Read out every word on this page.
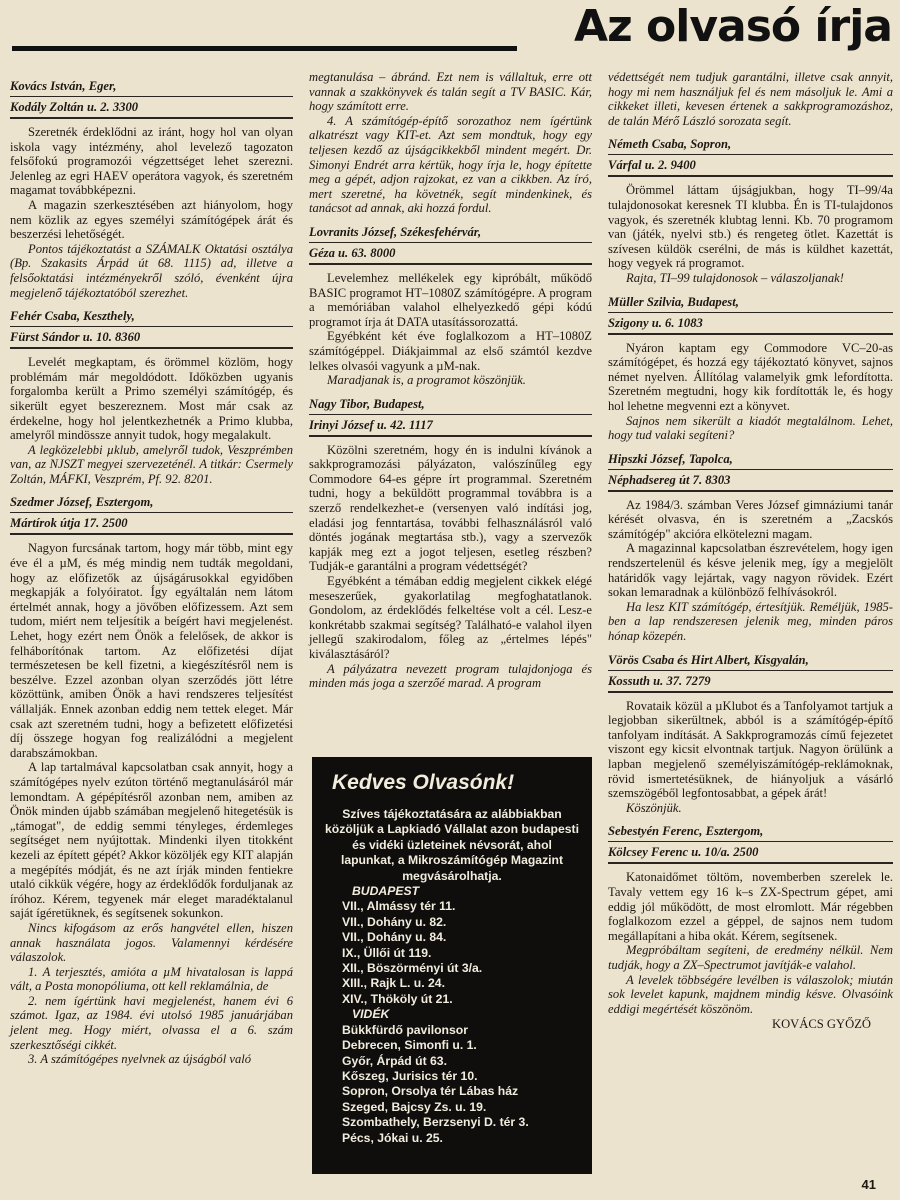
Az olvasó írja
Kovács István, Eger,
Kodály Zoltán u. 2. 3300

Szeretnék érdeklődni az iránt, hogy hol van olyan iskola vagy intézmény, ahol levelező tagozaton felsőfokú programozói végzettséget lehet szerezni. Jelenleg az egri HAEV operátora vagyok, és szeretném magamat továbbképezni.

A magazin szerkesztésében azt hiányolom, hogy nem közlik az egyes személyi számítógépek árát és beszerzési lehetőségét.

Pontos tájékoztatást a SZÁMALK Oktatási osztálya (Bp. Szakasits Árpád út 68. 1115) ad, illetve a felsőoktatási intézményekről szóló, évenként újra megjelenő tájékoztatóból szerezhet.

Fehér Csaba, Keszthely,
Fürst Sándor u. 10. 8360

Levelét megkaptam, és örömmel közlöm, hogy problémám már megoldódott. Időközben ugyanis forgalomba került a Primo személyi számítógép, és sikerült egyet beszereznem. Most már csak az érdekelne, hogy hol jelentkezhetnék a Primo klubba, amelyről mindössze annyit tudok, hogy megalakult.

A legközelebbi µklub, amelyről tudok, Veszprémben van, az NJSZT megyei szervezeténél. A titkár: Csermely Zoltán, MÁFKI, Veszprém, Pf. 92. 8201.

Szedmer József, Esztergom,
Mártírok útja 17. 2500

Nagyon furcsának tartom, hogy már több, mint egy éve él a µM, és még mindig nem tudták megoldani, hogy az előfizetők az újságárusokkal egyidőben megkapják a folyóiratot. Így egyáltalán nem látom értelmét annak, hogy a jövőben előfizessem. Azt sem tudom, miért nem teljesítik a beígért havi megjelenést. Lehet, hogy ezért nem Önök a felelősek, de akkor is felháborítónak tartom. Az előfizetési díjat természetesen be kell fizetni, a kiegészítésről nem is beszélve. Ezzel azonban olyan szerződés jött létre közöttünk, amiben Önök a havi rendszeres teljesítést vállalják. Ennek azonban eddig nem tettek eleget. Már csak azt szeretném tudni, hogy a befizetett előfizetési díj összege hogyan fog realizálódni a megjelent darabszámokban.

A lap tartalmával kapcsolatban csak annyit, hogy a számítógépes nyelv ezúton történő megtanulásáról már lemondtam. A gépépítésről azonban nem, amiben az Önök minden újabb számában megjelenő hitegetésük is „támogat", de eddig semmi tényleges, érdemleges segítséget nem nyújtottak. Mindenki ilyen titokként kezeli az épített gépét? Akkor közöljék egy KIT alapján a megépítés módját, és ne azt írják minden fentiekre utaló cikkük végére, hogy az érdeklődők forduljanak az íróhoz. Kérem, tegyenek már eleget maradéktalanul saját ígéretüknek, és segítsenek sokunkon.

Nincs kifogásom az erős hangvétel ellen, hiszen annak használata jogos. Valamennyi kérdésére válaszolok.

1. A terjesztés, amióta a µM hivatalosan is lappá vált, a Posta monopóliuma, ott kell reklamálnia, de

2. nem ígértünk havi megjelenést, hanem évi 6 számot. Igaz, az 1984. évi utolsó 1985 januárjában jelent meg. Hogy miért, olvassa el a 6. szám szerkesztőségi cikkét.

3. A számítógépes nyelvnek az újságból való

megtanulása – ábránd. Ezt nem is vállaltuk, erre ott vannak a szakkönyvek és talán segít a TV BASIC. Kár, hogy számított erre.

4. A számítógép-építő sorozathoz nem ígértünk alkatrészt vagy KIT-et. Azt sem mondtuk, hogy egy teljesen kezdő az újságcikkekből mindent megért. Dr. Simonyi Endrét arra kértük, hogy írja le, hogy építette meg a gépét, adjon rajzokat, ez van a cikkben. Az író, mert szeretné, ha követnék, segít mindenkinek, és tanácsot ad annak, aki hozzá fordul.

Lovranits József, Székesfehérvár,
Géza u. 63. 8000

Levelemhez mellékelek egy kipróbált, működő BASIC programot HT–1080Z számítógépre. A program a memóriában valahol elhelyezkedő gépi kódú programot írja át DATA utasítássorozattá.

Egyébként két éve foglalkozom a HT–1080Z számítógéppel. Diákjaimmal az első számtól kezdve lelkes olvasói vagyunk a µM-nak.

Maradjanak is, a programot köszönjük.

Nagy Tibor, Budapest,
Irinyi József u. 42. 1117

Közölni szeretném, hogy én is indulni kívánok a sakkprogramozási pályázaton, valószínűleg egy Commodore 64-es gépre írt programmal. Szeretném tudni, hogy a beküldött programmal továbbra is a szerző rendelkezhet-e (versenyen való indítási jog, eladási jog fenntartása, további felhasználásról való döntés jogának megtartása stb.), vagy a szervezők kapják meg ezt a jogot teljesen, esetleg részben? Tudják-e garantálni a program védettségét?

Egyébként a témában eddig megjelent cikkek elégé meseszerűek, gyakorlatilag megfoghatatlanok. Gondolom, az érdeklődés felkeltése volt a cél. Lesz-e konkrétabb szakmai segítség? Található-e valahol ilyen jellegű szakirodalom, főleg az „értelmes lépés" kiválasztásáról?

A pályázatra nevezett program tulajdonjoga és minden más joga a szerzőé marad. A program

Kedves Olvasónk!
Szíves tájékoztatására az alábbiakban közöljük a Lapkiadó Vállalat azon budapesti és vidéki üzleteinek névsorát, ahol lapunkat, a Mikroszámítógép Magazint megvásárolhatja.
BUDAPEST
VII., Almássy tér 11.
VII., Dohány u. 82.
VII., Dohány u. 84.
IX., Üllői út 119.
XII., Böszörményi út 3/a.
XIII., Rajk L. u. 24.
XIV., Thököly út 21.
VIDÉK
Bükkfürdő pavilonsor
Debrecen, Simonfi u. 1.
Győr, Árpád út 63.
Kőszeg, Jurisics tér 10.
Sopron, Orsolya tér Lábas ház
Szeged, Bajcsy Zs. u. 19.
Szombathely, Berzsenyi D. tér 3.
Pécs, Jókai u. 25.

védettségét nem tudjuk garantálni, illetve csak annyit, hogy mi nem használjuk fel és nem másoljuk le. Ami a cikkeket illeti, kevesen értenek a sakkprogramozáshoz, de talán Mérő László sorozata segít.

Németh Csaba, Sopron,
Várfal u. 2. 9400

Örömmel láttam újságjukban, hogy TI–99/4a tulajdonosokat keresnek TI klubba. Én is TI-tulajdonos vagyok, és szeretnék klubtag lenni. Kb. 70 programom van (játék, nyelvi stb.) és rengeteg ötlet. Kazettát is szívesen küldök cserélni, de más is küldhet kazettát, hogy vegyek rá programot.

Rajta, TI–99 tulajdonosok – válaszoljanak!

Müller Szilvia, Budapest,
Szigony u. 6. 1083

Nyáron kaptam egy Commodore VC–20-as számítógépet, és hozzá egy tájékoztató könyvet, sajnos német nyelven. Állítólag valamelyik gmk lefordította. Szeretném megtudni, hogy kik fordították le, és hogy hol lehetne megvenni ezt a könyvet.

Sajnos nem sikerült a kiadót megtalálnom. Lehet, hogy tud valaki segíteni?

Hipszki József, Tapolca,
Néphadsereg út 7. 8303

Az 1984/3. számban Veres József gimnáziumi tanár kérését olvasva, én is szeretném a „Zacskós számítógép" akcióra elkötelezni magam.

A magazinnal kapcsolatban észrevételem, hogy igen rendszertelenül és késve jelenik meg, így a megjelölt határidők vagy lejártak, vagy nagyon rövidek. Ezért sokan lemaradnak a különböző felhívásokról.

Ha lesz KIT számítógép, értesítjük. Reméljük, 1985-ben a lap rendszeresen jelenik meg, minden páros hónap közepén.

Vörös Csaba és Hirt Albert, Kisgyalán,
Kossuth u. 37. 7279

Rovataik közül a µKlubot és a Tanfolyamot tartjuk a legjobban sikerültnek, abból is a számítógép-építő tanfolyam indítását. A Sakkprogramozás című fejezetet viszont egy kicsit elvontnak tartjuk. Nagyon örülünk a lapban megjelenő személyiszámítógép-reklámoknak, rövid ismertetésüknek, de hiányoljuk a vásárló szemszögéből legfontosabbat, a gépek árát!

Köszönjük.

Sebestyén Ferenc, Esztergom,
Kölcsey Ferenc u. 10/a. 2500

Katonaidőmet töltöm, novemberben szerelek le. Tavaly vettem egy 16 k–s ZX-Spectrum gépet, ami eddig jól működött, de most elromlott. Már régebben foglalkozom ezzel a géppel, de sajnos nem tudom megállapítani a hiba okát. Kérem, segítsenek.

Megpróbáltam segíteni, de eredmény nélkül. Nem tudják, hogy a ZX–Spectrumot javítják-e valahol.

A levelek többségére levélben is válaszolok; miután sok levelet kapunk, majdnem mindig késve. Olvasóink eddigi megértését köszönöm.

KOVÁCS GYŐZŐ
41
